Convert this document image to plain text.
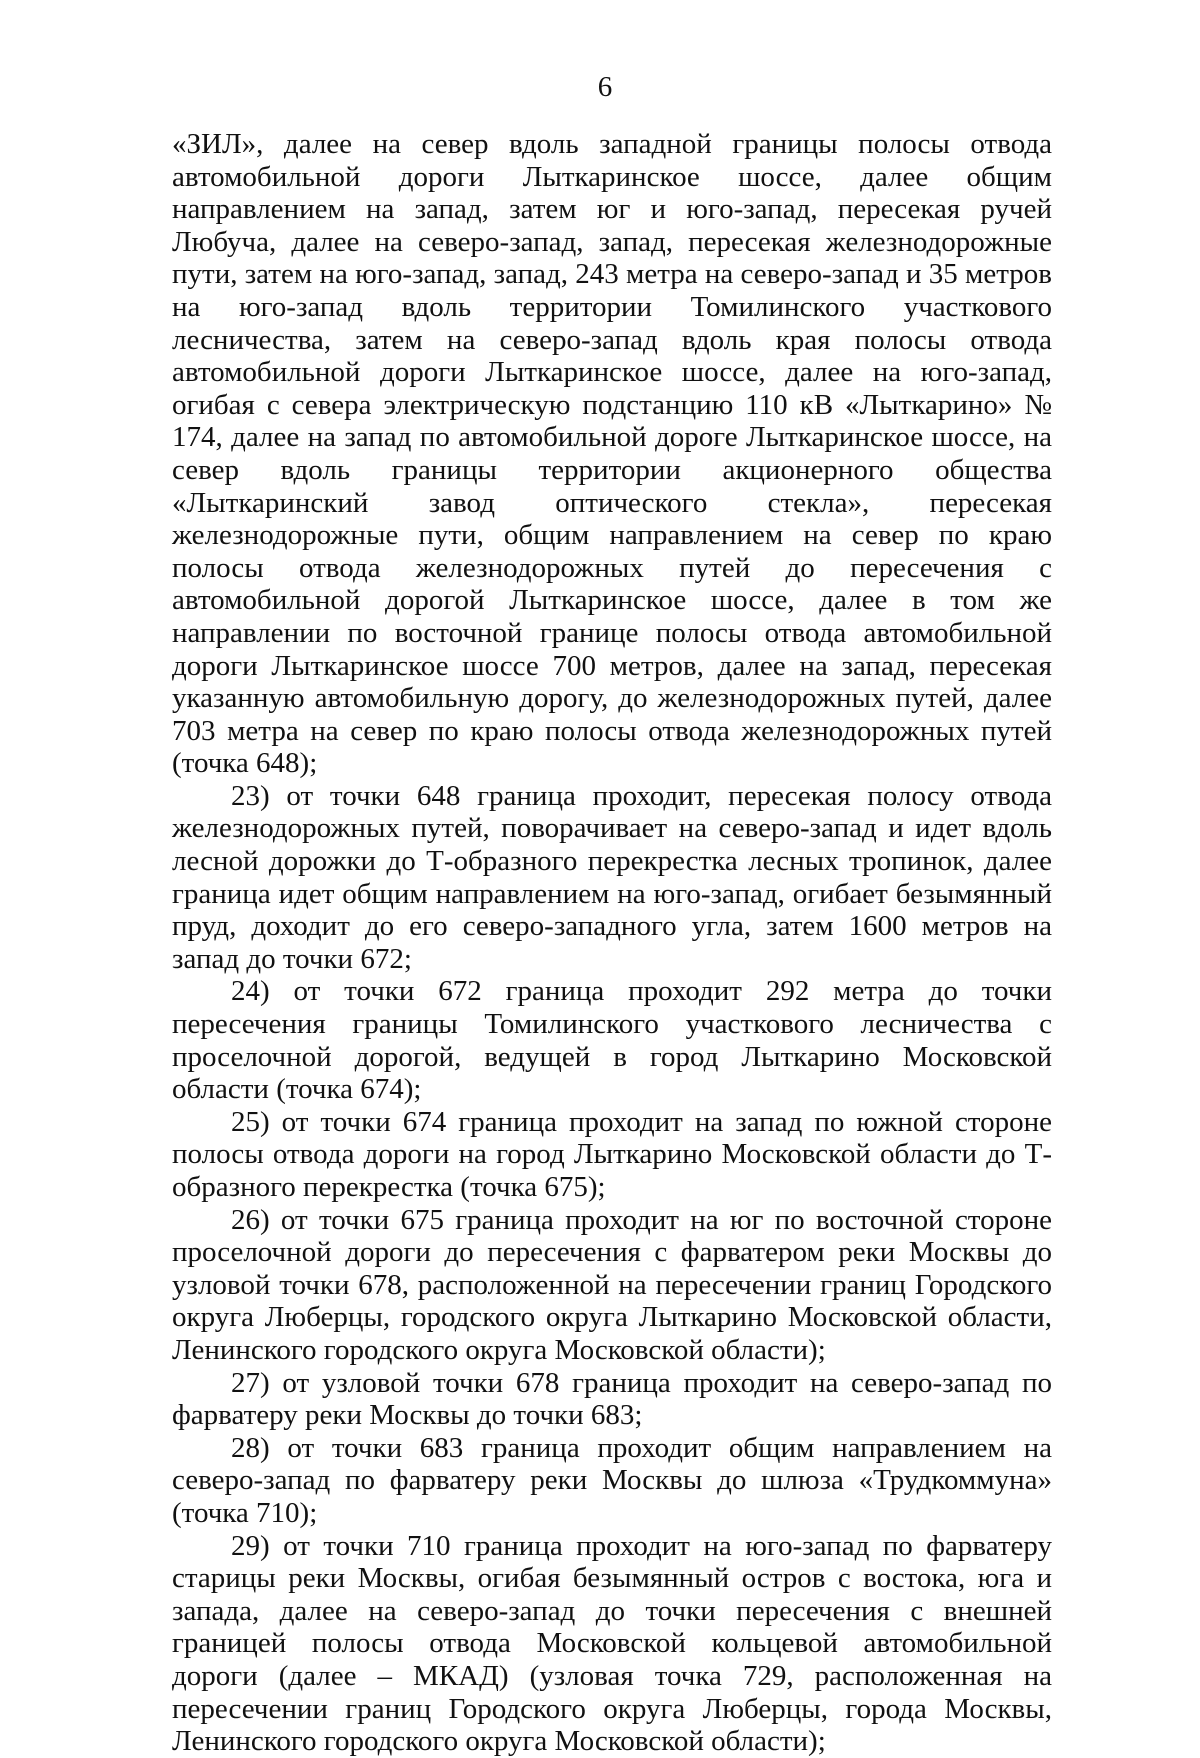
6

«ЗИЛ», далее на север вдоль западной границы полосы отвода автомобильной дороги Лыткаринское шоссе, далее общим направлением на запад, затем юг и юго-запад, пересекая ручей Любуча, далее на северо-запад, запад, пересекая железнодорожные пути, затем на юго-запад, запад, 243 метра на северо-запад и 35 метров на юго-запад вдоль территории Томилинского участкового лесничества, затем на северо-запад вдоль края полосы отвода автомобильной дороги Лыткаринское шоссе, далее на юго-запад, огибая с севера электрическую подстанцию 110 кВ «Лыткарино» № 174, далее на запад по автомобильной дороге Лыткаринское шоссе, на север вдоль границы территории акционерного общества «Лыткаринский завод оптического стекла», пересекая железнодорожные пути, общим направлением на север по краю полосы отвода железнодорожных путей до пересечения с автомобильной дорогой Лыткаринское шоссе, далее в том же направлении по восточной границе полосы отвода автомобильной дороги Лыткаринское шоссе 700 метров, далее на запад, пересекая указанную автомобильную дорогу, до железнодорожных путей, далее 703 метра на север по краю полосы отвода железнодорожных путей (точка 648);

23) от точки 648 граница проходит, пересекая полосу отвода железнодорожных путей, поворачивает на северо-запад и идет вдоль лесной дорожки до Т-образного перекрестка лесных тропинок, далее граница идет общим направлением на юго-запад, огибает безымянный пруд, доходит до его северо-западного угла, затем 1600 метров на запад до точки 672;

24) от точки 672 граница проходит 292 метра до точки пересечения границы Томилинского участкового лесничества с проселочной дорогой, ведущей в город Лыткарино Московской области (точка 674);

25) от точки 674 граница проходит на запад по южной стороне полосы отвода дороги на город Лыткарино Московской области до Т-образного перекрестка (точка 675);

26) от точки 675 граница проходит на юг по восточной стороне проселочной дороги до пересечения с фарватером реки Москвы до узловой точки 678, расположенной на пересечении границ Городского округа Люберцы, городского округа Лыткарино Московской области, Ленинского городского округа Московской области);

27) от узловой точки 678 граница проходит на северо-запад по фарватеру реки Москвы до точки 683;

28) от точки 683 граница проходит общим направлением на северо-запад по фарватеру реки Москвы до шлюза «Трудкоммуна» (точка 710);

29) от точки 710 граница проходит на юго-запад по фарватеру старицы реки Москвы, огибая безымянный остров с востока, юга и запада, далее на северо-запад до точки пересечения с внешней границей полосы отвода Московской кольцевой автомобильной дороги (далее – МКАД) (узловая точка 729, расположенная на пересечении границ Городского округа Люберцы, города Москвы, Ленинского городского округа Московской области);
